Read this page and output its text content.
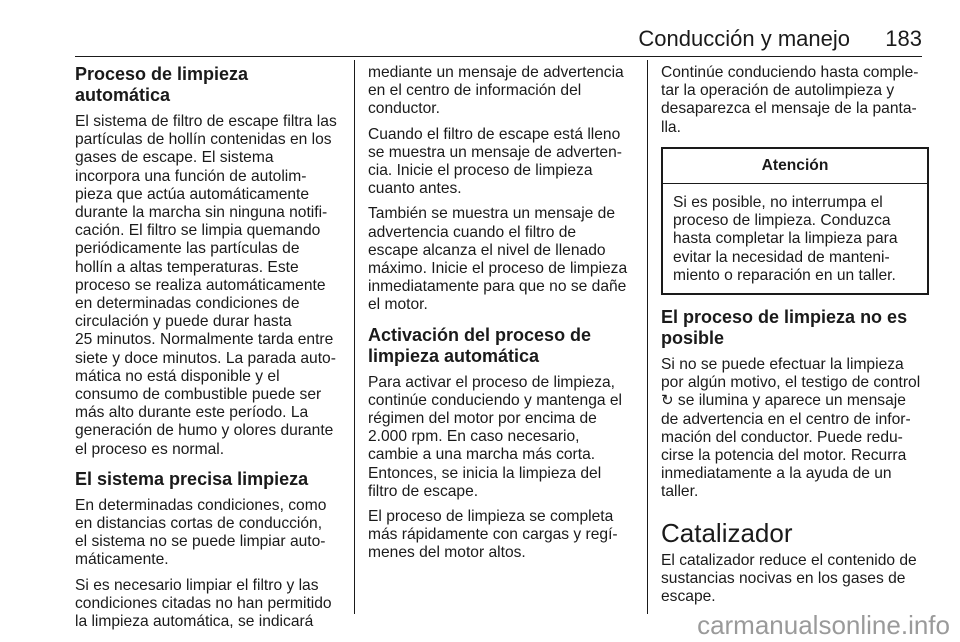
Conducción y manejo 183
Proceso de limpieza automática

El sistema de filtro de escape filtra las
partículas de hollín contenidas en los
gases de escape. El sistema
incorpora una función de autolim-
pieza que actúa automáticamente
durante la marcha sin ninguna notifi-
cación. El filtro se limpia quemando
periódicamente las partículas de
hollín a altas temperaturas. Este
proceso se realiza automáticamente
en determinadas condiciones de
circulación y puede durar hasta
25 minutos. Normalmente tarda entre
siete y doce minutos. La parada auto-
mática no está disponible y el
consumo de combustible puede ser
más alto durante este período. La
generación de humo y olores durante
el proceso es normal.

El sistema precisa limpieza

En determinadas condiciones, como
en distancias cortas de conducción,
el sistema no se puede limpiar auto-
máticamente.

Si es necesario limpiar el filtro y las
condiciones citadas no han permitido
la limpieza automática, se indicará

mediante un mensaje de advertencia
en el centro de información del
conductor.

Cuando el filtro de escape está lleno
se muestra un mensaje de adverten-
cia. Inicie el proceso de limpieza
cuanto antes.

También se muestra un mensaje de
advertencia cuando el filtro de
escape alcanza el nivel de llenado
máximo. Inicie el proceso de limpieza
inmediatamente para que no se dañe
el motor.

Activación del proceso de
limpieza automática

Para activar el proceso de limpieza,
continúe conduciendo y mantenga el
régimen del motor por encima de
2.000 rpm. En caso necesario,
cambie a una marcha más corta.
Entonces, se inicia la limpieza del
filtro de escape.

El proceso de limpieza se completa
más rápidamente con cargas y regí-
menes del motor altos.

Continúe conduciendo hasta comple-
tar la operación de autolimpieza y
desaparezca el mensaje de la panta-
lla.

Atención
Si es posible, no interrumpa el
proceso de limpieza. Conduzca
hasta completar la limpieza para
evitar la necesidad de manteni-
miento o reparación en un taller.
El proceso de limpieza no es
posible

Si no se puede efectuar la limpieza
por algún motivo, el testigo de control
↻ se ilumina y aparece un mensaje
de advertencia en el centro de infor-
mación del conductor. Puede redu-
cirse la potencia del motor. Recurra
inmediatamente a la ayuda de un
taller.

Catalizador

El catalizador reduce el contenido de
sustancias nocivas en los gases de
escape.

carmanualsonline.info
